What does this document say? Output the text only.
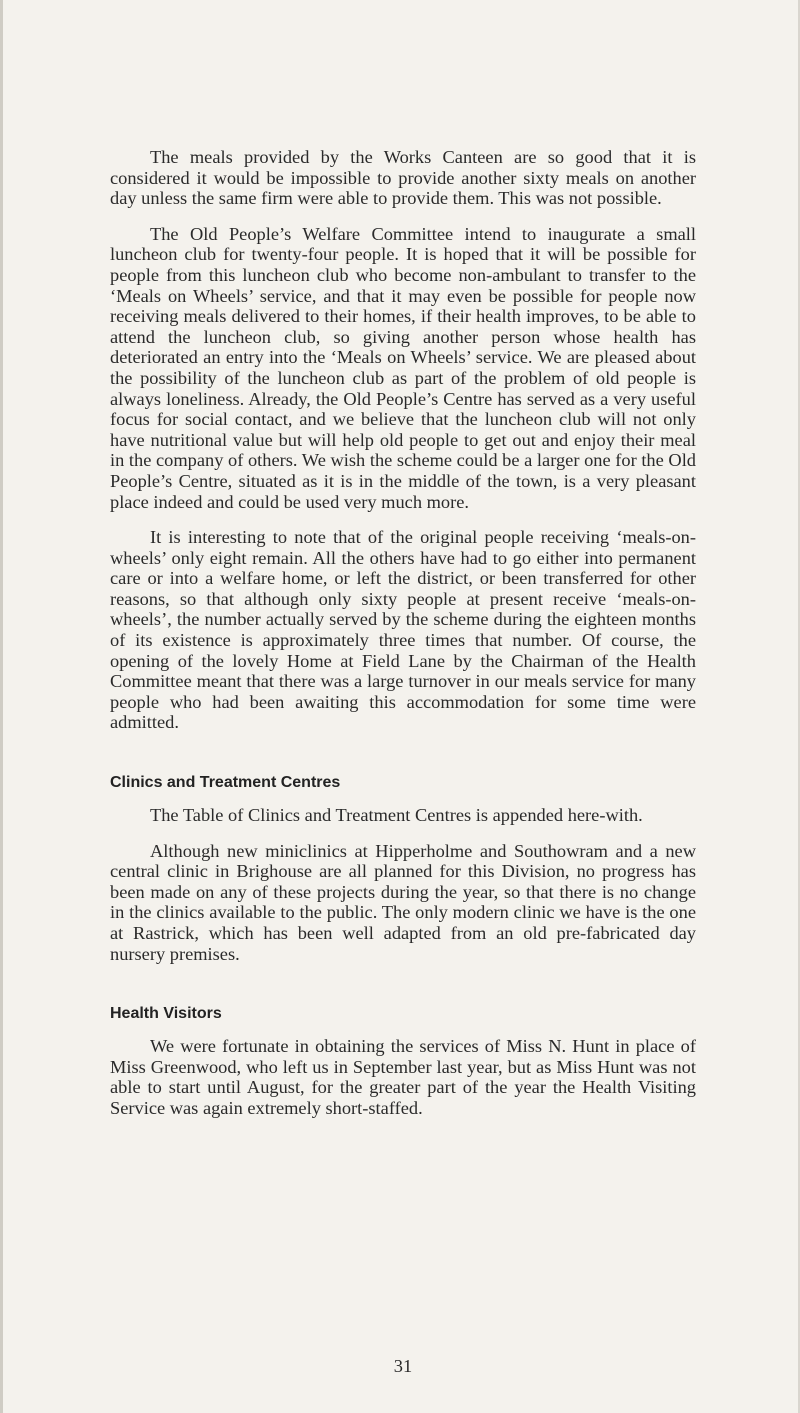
The meals provided by the Works Canteen are so good that it is considered it would be impossible to provide another sixty meals on another day unless the same firm were able to provide them. This was not possible.

The Old People’s Welfare Committee intend to inaugurate a small luncheon club for twenty-four people. It is hoped that it will be possible for people from this luncheon club who become non-ambulant to transfer to the ‘Meals on Wheels’ service, and that it may even be possible for people now receiving meals delivered to their homes, if their health improves, to be able to attend the luncheon club, so giving another person whose health has deteriorated an entry into the ‘Meals on Wheels’ service. We are pleased about the possibility of the luncheon club as part of the problem of old people is always loneliness. Already, the Old People’s Centre has served as a very useful focus for social contact, and we believe that the luncheon club will not only have nutritional value but will help old people to get out and enjoy their meal in the company of others. We wish the scheme could be a larger one for the Old People’s Centre, situated as it is in the middle of the town, is a very pleasant place indeed and could be used very much more.

It is interesting to note that of the original people receiving ‘meals-on-wheels’ only eight remain. All the others have had to go either into permanent care or into a welfare home, or left the district, or been transferred for other reasons, so that although only sixty people at present receive ‘meals-on-wheels’, the number actually served by the scheme during the eighteen months of its existence is approximately three times that number. Of course, the opening of the lovely Home at Field Lane by the Chairman of the Health Committee meant that there was a large turnover in our meals service for many people who had been awaiting this accommodation for some time were admitted.

Clinics and Treatment Centres

The Table of Clinics and Treatment Centres is appended here-with.

Although new miniclinics at Hipperholme and Southowram and a new central clinic in Brighouse are all planned for this Division, no progress has been made on any of these projects during the year, so that there is no change in the clinics available to the public. The only modern clinic we have is the one at Rastrick, which has been well adapted from an old pre-fabricated day nursery premises.

Health Visitors

We were fortunate in obtaining the services of Miss N. Hunt in place of Miss Greenwood, who left us in September last year, but as Miss Hunt was not able to start until August, for the greater part of the year the Health Visiting Service was again extremely short-staffed.

31
